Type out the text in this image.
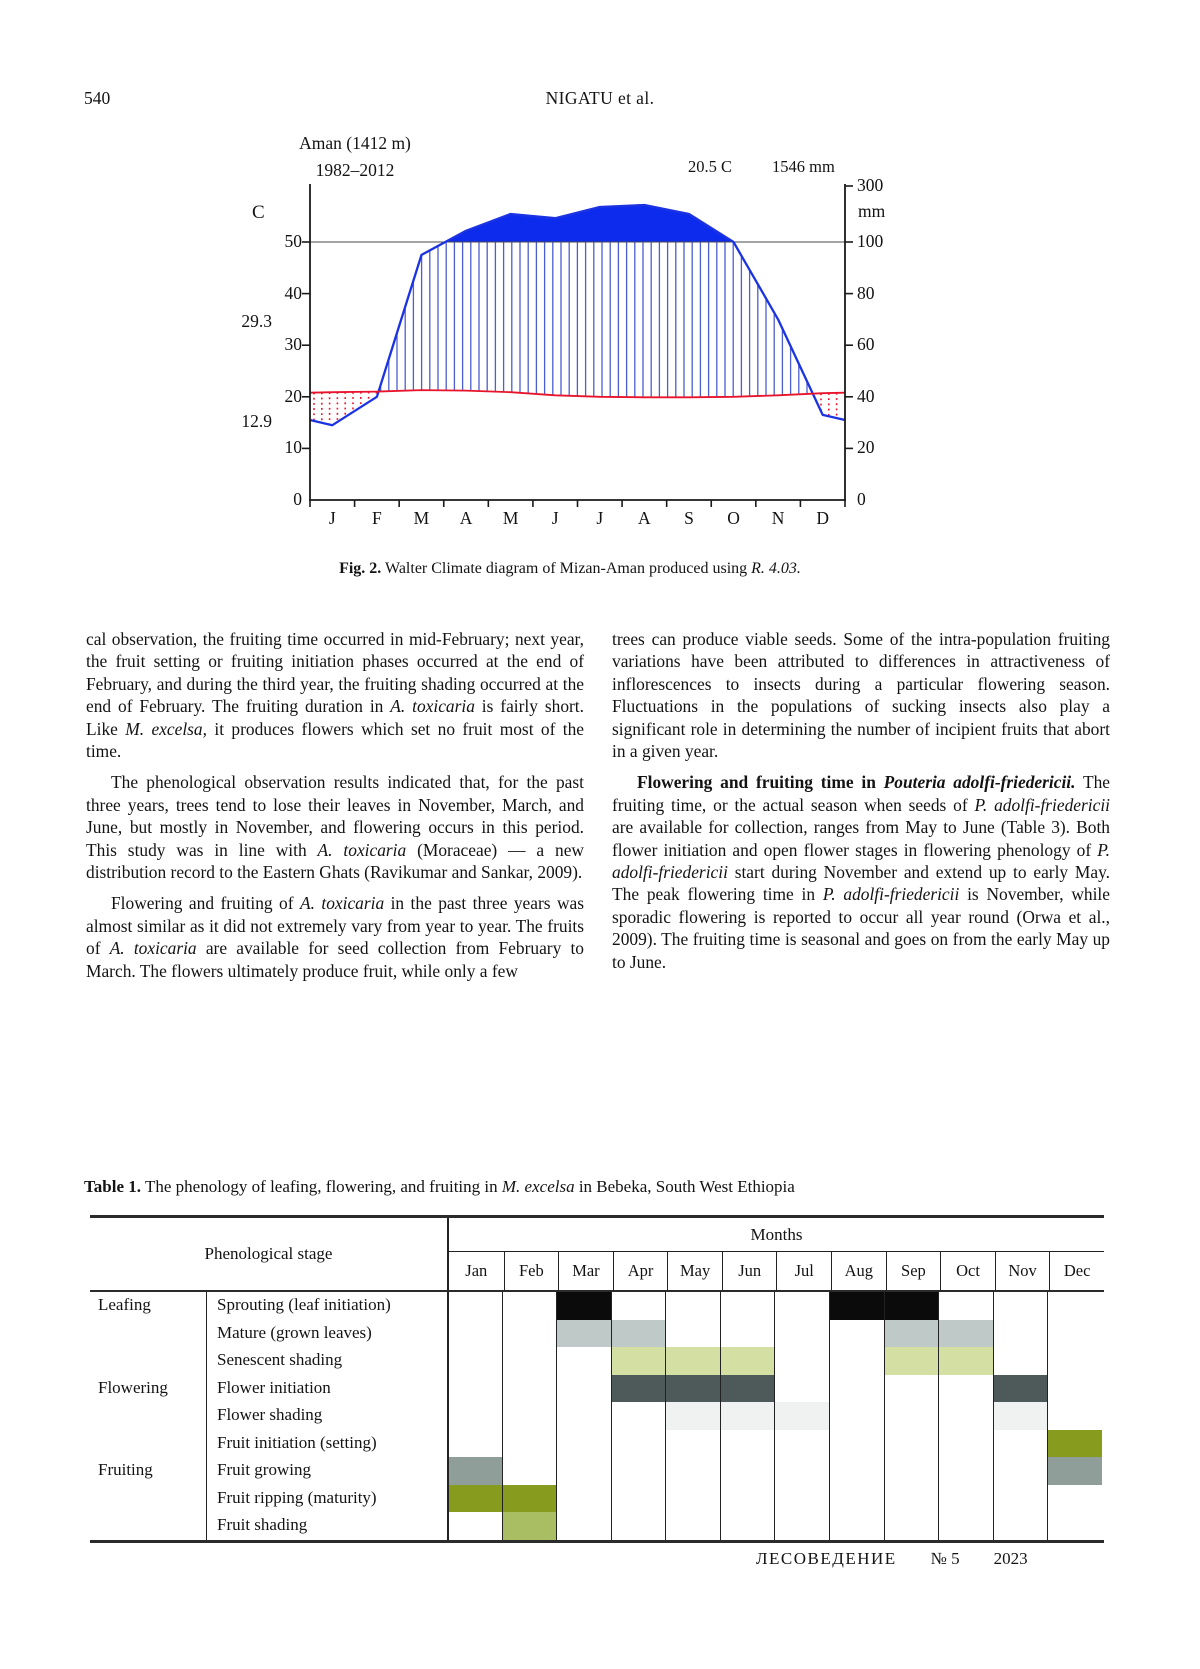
540	NIGATU et al.
Aman (1412 m)
1982–2012	20.5 C 1546 mm
C	mm
29.3
12.9
Fig. 2. Walter Climate diagram of Mizan-Aman produced using R. 4.03.

cal observation, the fruiting time occurred in mid-February; next year, the fruit setting or fruiting initiation phases occurred at the end of February, and during the third year, the fruiting shading occurred at the end of February. The fruiting duration in A. toxicaria is fairly short. Like M. excelsa, it produces flowers which set no fruit most of the time.

The phenological observation results indicated that, for the past three years, trees tend to lose their leaves in November, March, and June, but mostly in November, and flowering occurs in this period. This study was in line with A. toxicaria (Moraceae) — a new distribution record to the Eastern Ghats (Ravikumar and Sankar, 2009).

Flowering and fruiting of A. toxicaria in the past three years was almost similar as it did not extremely vary from year to year. The fruits of A. toxicaria are available for seed collection from February to March. The flowers ultimately produce fruit, while only a few

trees can produce viable seeds. Some of the intra-population fruiting variations have been attributed to differences in attractiveness of inflorescences to insects during a particular flowering season. Fluctuations in the populations of sucking insects also play a significant role in determining the number of incipient fruits that abort in a given year.

Flowering and fruiting time in Pouteria adolfi-friedericii. The fruiting time, or the actual season when seeds of P. adolfi-friedericii are available for collection, ranges from May to June (Table 3). Both flower initiation and open flower stages in flowering phenology of P. adolfi-friedericii start during November and extend up to early May. The peak flowering time in P. adolfi-friedericii is November, while sporadic flowering is reported to occur all year round (Orwa et al., 2009). The fruiting time is seasonal and goes on from the early May up to June.

Table 1. The phenology of leafing, flowering, and fruiting in M. excelsa in Bebeka, South West Ethiopia
Phenological stage
Months
Jan	Feb	Mar	Apr	May	Jun	Jul	Aug	Sep	Oct	Nov	Dec
Leafing	Sprouting (leaf initiation)
Mature (grown leaves)
Senescent shading
Flowering	Flower initiation
Flower shading
Fruit initiation (setting)
Fruiting	Fruit growing
Fruit ripping (maturity)
Fruit shading
ЛЕСОВЕДЕНИЕ № 5 2023
0
10
20
30
40
50
0
20
40
60
80
100
300
J	F	M	A	M	J	J	A	S	O	N	D
